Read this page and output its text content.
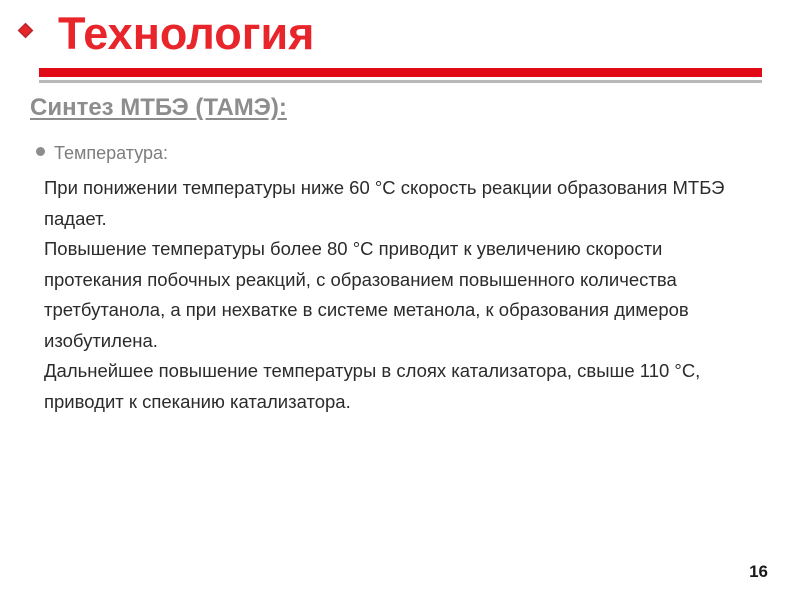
Технология
Синтез МТБЭ (ТАМЭ):
Температура:

При понижении температуры ниже 60 °C скорость реакции образования МТБЭ падает.

Повышение температуры более 80 °C приводит к увеличению скорости протекания побочных реакций, с образованием повышенного количества третбутанола, а при нехватке в системе метанола, к образования димеров изобутилена.

Дальнейшее повышение температуры в слоях катализатора, свыше 110 °C, приводит к спеканию катализатора.

16
